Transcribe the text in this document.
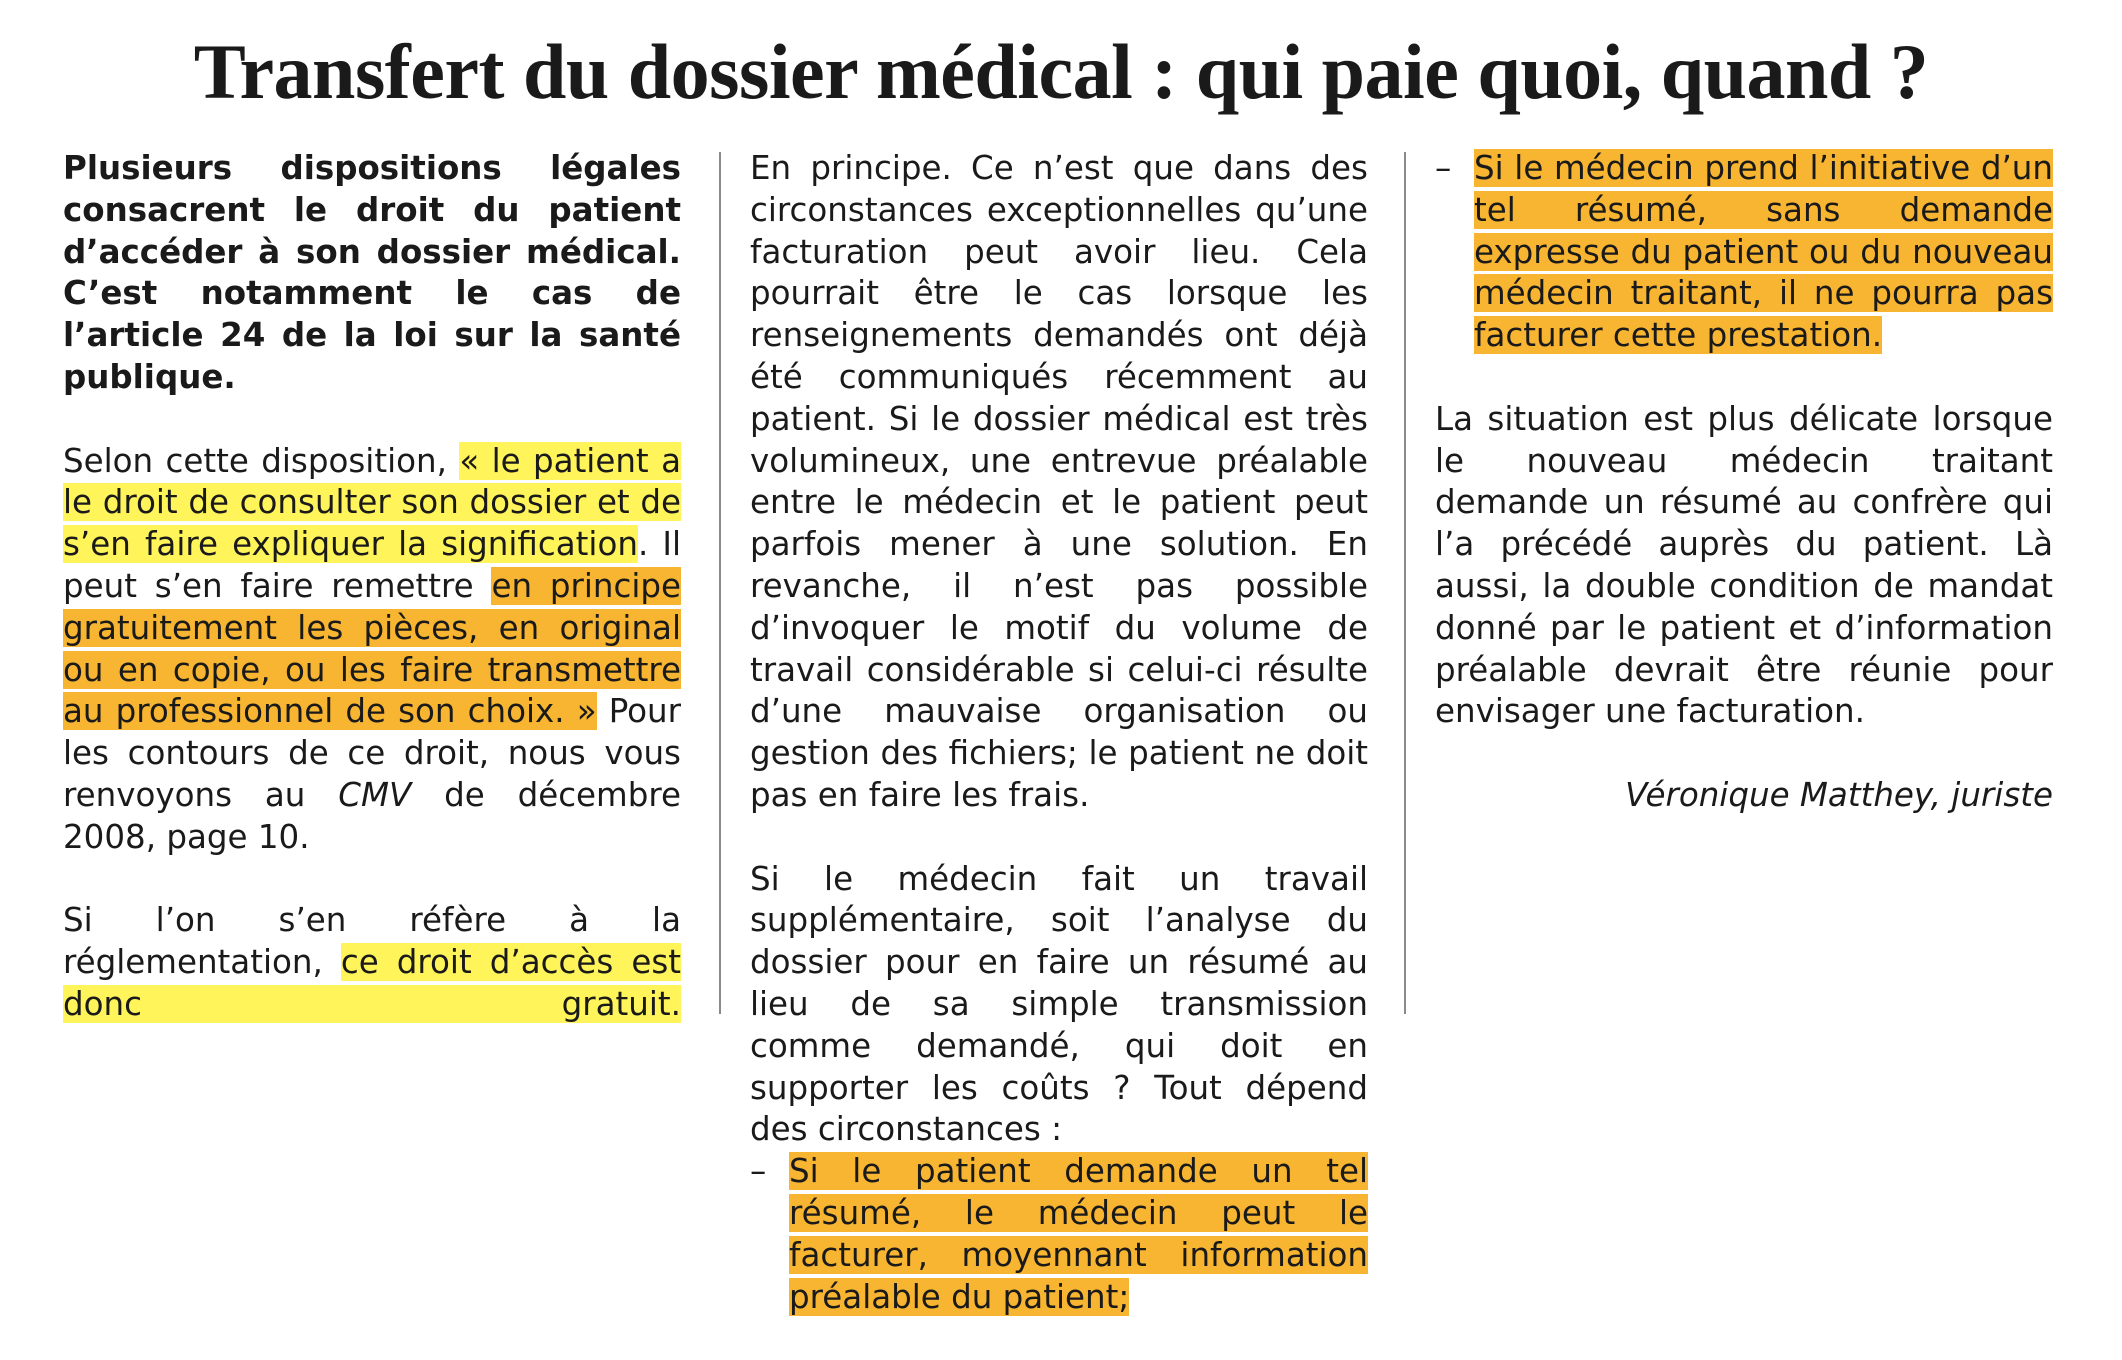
Transfert du dossier médical : qui paie quoi, quand ?

Plusieurs dispositions légales consacrent le droit du patient d’accéder à son dossier médical. C’est notamment le cas de l’article 24 de la loi sur la santé publique.

Selon cette disposition, « le patient a le droit de consulter son dossier et de s’en faire expliquer la signification. Il peut s’en faire remettre en principe gratuitement les pièces, en original ou en copie, ou les faire transmettre au professionnel de son choix. » Pour les contours de ce droit, nous vous renvoyons au CMV de décembre 2008, page 10.

Si l’on s’en réfère à la réglementation, ce droit d’accès est donc gratuit.

En principe. Ce n’est que dans des circonstances exceptionnelles qu’une facturation peut avoir lieu. Cela pourrait être le cas lorsque les renseignements demandés ont déjà été communiqués récemment au patient. Si le dossier médical est très volumineux, une entrevue préalable entre le médecin et le patient peut parfois mener à une solution. En revanche, il n’est pas possible d’invoquer le motif du volume de travail considérable si celui-ci résulte d’une mauvaise organisation ou gestion des fichiers; le patient ne doit pas en faire les frais.

Si le médecin fait un travail supplémentaire, soit l’analyse du dossier pour en faire un résumé au lieu de sa simple transmission comme demandé, qui doit en supporter les coûts ? Tout dépend des circonstances :

– Si le patient demande un tel résumé, le médecin peut le facturer, moyennant information préalable du patient;

– Si le médecin prend l’initiative d’un tel résumé, sans demande expresse du patient ou du nouveau médecin traitant, il ne pourra pas facturer cette prestation.

La situation est plus délicate lorsque le nouveau médecin traitant demande un résumé au confrère qui l’a précédé auprès du patient. Là aussi, la double condition de mandat donné par le patient et d’information préalable devrait être réunie pour envisager une facturation.

Véronique Matthey, juriste
